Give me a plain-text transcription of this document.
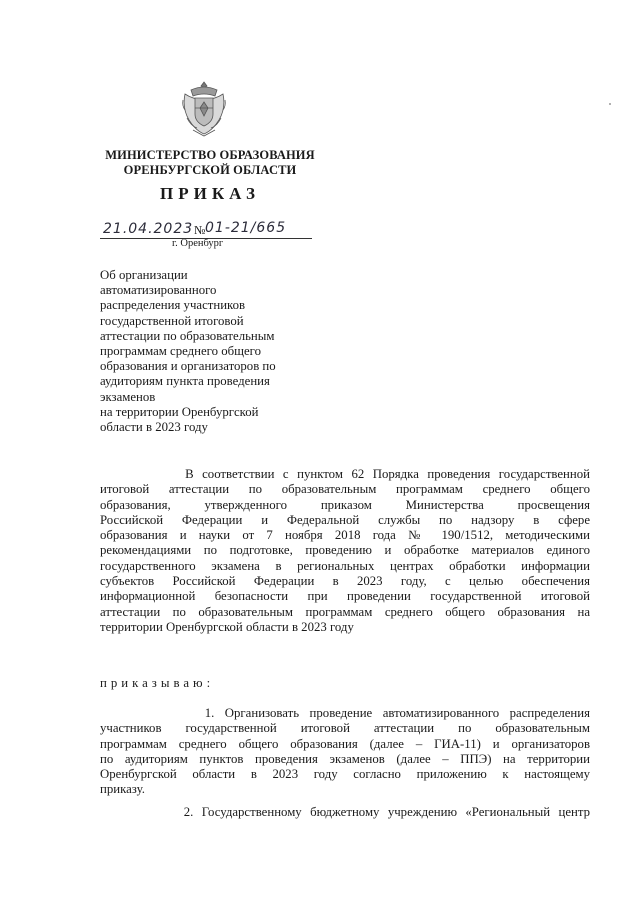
МИНИСТЕРСТВО ОБРАЗОВАНИЯ
ОРЕНБУРГСКОЙ ОБЛАСТИ
ПРИКАЗ
21.04.2023 № 01-21/665
г. Оренбург
Об организации
автоматизированного
распределения участников
государственной итоговой
аттестации по образовательным
программам среднего общего
образования и организаторов по
аудиториям пункта проведения
экзаменов
на территории Оренбургской
области в 2023 году
В соответствии с пунктом 62 Порядка проведения государственной
итоговой аттестации по образовательным программам среднего общего
образования, утвержденного приказом Министерства просвещения
Российской Федерации и Федеральной службы по надзору в сфере
образования и науки от 7 ноября 2018 года № 190/1512, методическими
рекомендациями по подготовке, проведению и обработке материалов единого
государственного экзамена в региональных центрах обработки информации
субъектов Российской Федерации в 2023 году, с целью обеспечения
информационной безопасности при проведении государственной итоговой
аттестации по образовательным программам среднего общего образования на
территории Оренбургской области в 2023 году
приказываю:
1. Организовать проведение автоматизированного распределения
участников государственной итоговой аттестации по образовательным
программам среднего общего образования (далее – ГИА-11) и организаторов
по аудиториям пунктов проведения экзаменов (далее – ППЭ) на территории
Оренбургской области в 2023 году согласно приложению к настоящему
приказу.
2. Государственному бюджетному учреждению «Региональный центр
